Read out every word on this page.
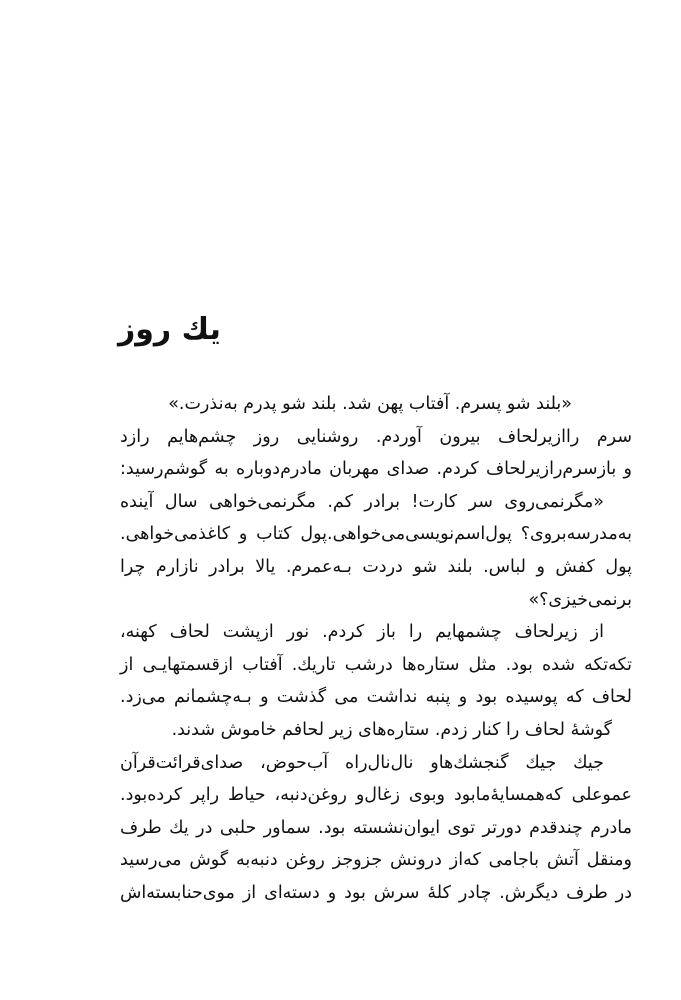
یك روز
«بلند شو پسرم. آفتاب پهن شد. بلند شو پدرم به‌نذرت.»
سرم راازیرلحاف بیرون آوردم. روشنایی روز چشم‌هایم رازد
و بازسرم‌رازیرلحاف کردم. صدای مهربان مادرم‌دوباره به گوشم‌رسید:
«مگرنمی‌روی سر کارت! برادر کم. مگرنمی‌خواهی سال آینده
به‌مدرسه‌بروی؟ پول‌اسم‌نویسی‌می‌خواهی.پول کتاب و کاغذمی‌خواهی.
پول کفش و لباس. بلند شو دردت بـه‌عمرم. یالا برادر نازارم چرا
برنمی‌خیزی؟»
از زیرلحاف چشمهایم را باز کردم. نور ازپشت لحاف کهنه،
تکه‌تکه شده بود. مثل ستاره‌ها درشب تاریك. آفتاب ازقسمتهایـی از
لحاف که پوسیده بود و پنبه نداشت می گذشت و بـه‌چشمانم می‌زد.
گوشهٔ لحاف را کنار زدم. ستاره‌های زیر لحافم خاموش شدند.
جیك جیك گنجشك‌هاو نال‌نال‌راه آب‌حوض، صدای‌قرائت‌قرآن
عموعلی که‌همسایهٔ‌مابود وبوی زغال‌و روغن‌دنبه، حیاط راپر کرده‌بود.
مادرم چندقدم دورتر توی ایوان‌نشسته بود. سماور حلبی در یك طرف
ومنقل آتش باجامی که‌از درونش جزوجز روغن دنبه‌به گوش می‌رسید
در طرف دیگرش. چادر کلهٔ سرش بود و دسته‌ای از موی‌حنابسته‌اش
